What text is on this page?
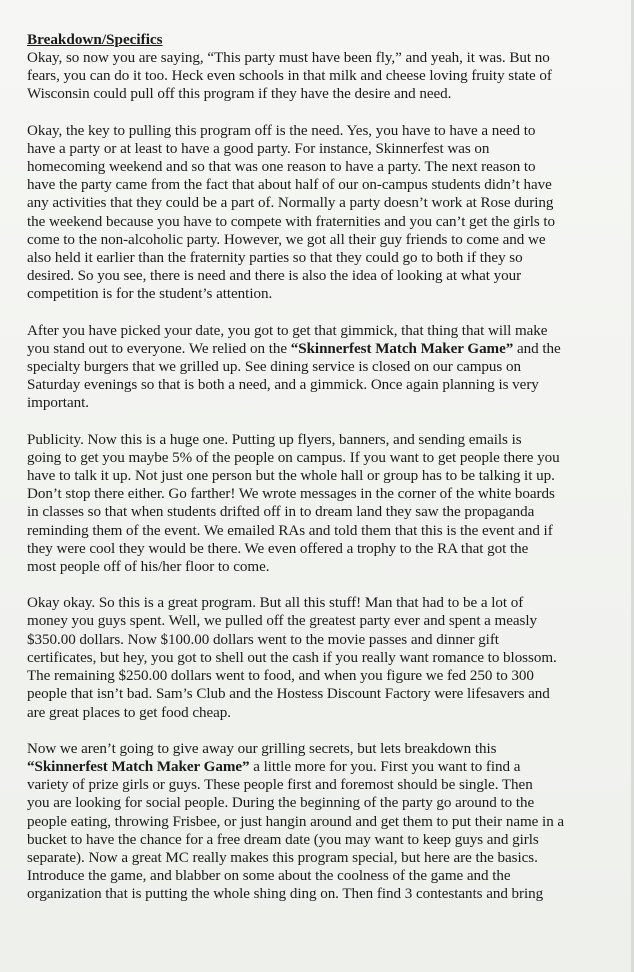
Breakdown/Specifics
Okay, so now you are saying, “This party must have been fly,” and yeah, it was. But no
fears, you can do it too. Heck even schools in that milk and cheese loving fruity state of
Wisconsin could pull off this program if they have the desire and need.
Okay, the key to pulling this program off is the need. Yes, you have to have a need to
have a party or at least to have a good party. For instance, Skinnerfest was on
homecoming weekend and so that was one reason to have a party. The next reason to
have the party came from the fact that about half of our on-campus students didn’t have
any activities that they could be a part of. Normally a party doesn’t work at Rose during
the weekend because you have to compete with fraternities and you can’t get the girls to
come to the non-alcoholic party. However, we got all their guy friends to come and we
also held it earlier than the fraternity parties so that they could go to both if they so
desired. So you see, there is need and there is also the idea of looking at what your
competition is for the student’s attention.
After you have picked your date, you got to get that gimmick, that thing that will make
you stand out to everyone. We relied on the “Skinnerfest Match Maker Game” and the
specialty burgers that we grilled up. See dining service is closed on our campus on
Saturday evenings so that is both a need, and a gimmick. Once again planning is very
important.
Publicity. Now this is a huge one. Putting up flyers, banners, and sending emails is
going to get you maybe 5% of the people on campus. If you want to get people there you
have to talk it up. Not just one person but the whole hall or group has to be talking it up.
Don’t stop there either. Go farther! We wrote messages in the corner of the white boards
in classes so that when students drifted off in to dream land they saw the propaganda
reminding them of the event. We emailed RAs and told them that this is the event and if
they were cool they would be there. We even offered a trophy to the RA that got the
most people off of his/her floor to come.
Okay okay. So this is a great program. But all this stuff! Man that had to be a lot of
money you guys spent. Well, we pulled off the greatest party ever and spent a measly
$350.00 dollars. Now $100.00 dollars went to the movie passes and dinner gift
certificates, but hey, you got to shell out the cash if you really want romance to blossom.
The remaining $250.00 dollars went to food, and when you figure we fed 250 to 300
people that isn’t bad. Sam’s Club and the Hostess Discount Factory were lifesavers and
are great places to get food cheap.
Now we aren’t going to give away our grilling secrets, but lets breakdown this
“Skinnerfest Match Maker Game” a little more for you. First you want to find a
variety of prize girls or guys. These people first and foremost should be single. Then
you are looking for social people. During the beginning of the party go around to the
people eating, throwing Frisbee, or just hangin around and get them to put their name in a
bucket to have the chance for a free dream date (you may want to keep guys and girls
separate). Now a great MC really makes this program special, but here are the basics.
Introduce the game, and blabber on some about the coolness of the game and the
organization that is putting the whole shing ding on. Then find 3 contestants and bring
